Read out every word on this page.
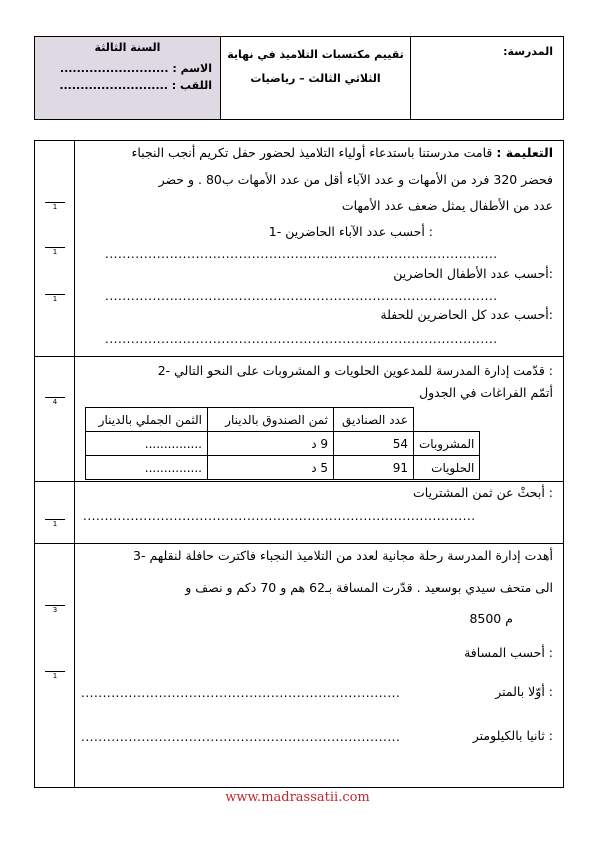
المدرسة:
تقييم مكتسبات التلاميذ في نهاية
الثلاثي الثالث – رياضيات
السنة الثالثة
الاسم : ..........................
اللقب : ..........................

1

1

1

4

1

3

1
التعليمة : قامت مدرستنا باستدعاء أولياء التلاميذ لحضور حفل تكريم أنجب النجباء
فحضر 320 فرد من الأمهات و عدد الآباء أقل من عدد الأمهات ب80 . و حضر
عدد من الأطفال يمثل ضعف عدد الأمهات
1- أحسب عدد الآباء الحاضرين :
...........................................................................................
أحسب عدد الأطفال الحاضرين:
...........................................................................................
أحسب عدد كل الحاضرين للحفلة:
...........................................................................................
2- قدّمت إدارة المدرسة للمدعوين الحلويات و المشروبات على النحو التالي :
أتمّم الفراغات في الجدول
	عدد الصناديق	ثمن الصندوق بالدينار	الثمن الجملي بالدينار
المشروبات	54	9 د	...............
الحلويات	91	5 د	...............
أبحثْ عن ثمن المشتريات :
...........................................................................................
3- أهدت إدارة المدرسة رحلة مجانية لعدد من التلاميذ النجباء فاكترت حافلة لنقلهم
الى متحف سيدي بوسعيد . قدّرت المسافة بـ62 هم و 70 دكم و نصف و
8500 م
أحسب المسافة :
أوّلا بالمتر :
..........................................................................
ثانيا بالكيلومتر :
..........................................................................
www.madrassatii.com
